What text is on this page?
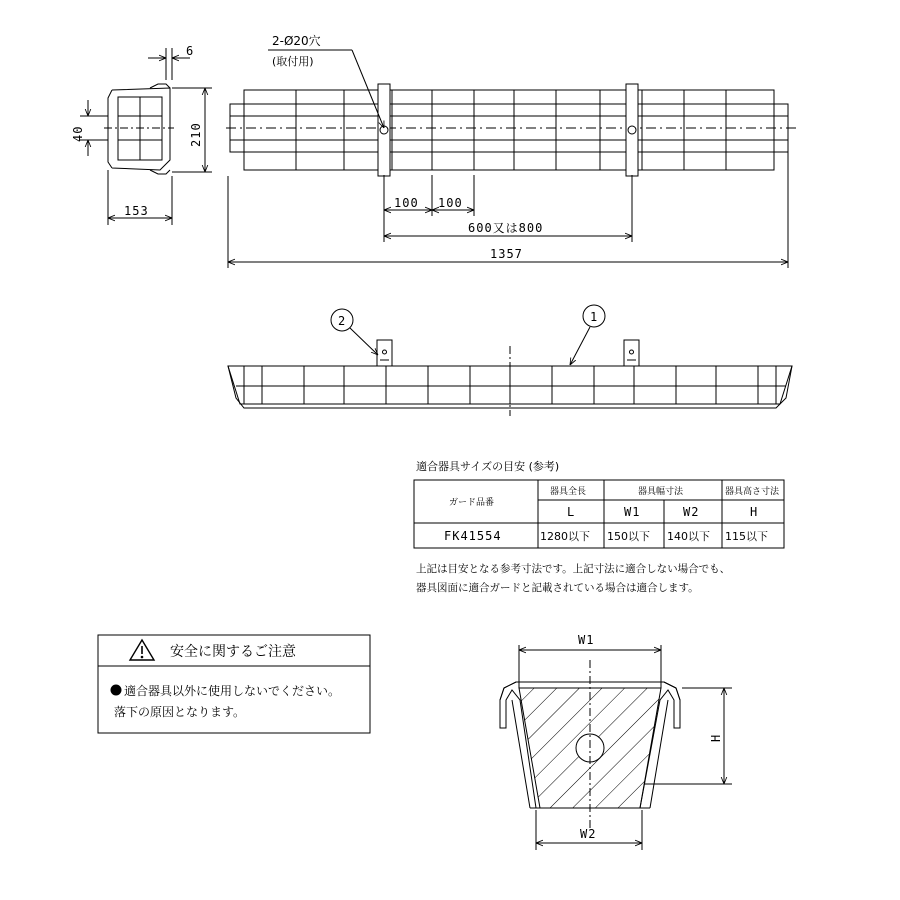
2-Ø20穴
(取付用)
6
40	210
153
100 100
600又は800
1357
2	1
適合器具サイズの目安 (参考)
ガード品番
器具全長	器具幅寸法	器具高さ寸法
L	W1	W2	H
FK41554	1280以下 150以下 140以下 115以下
上記は目安となる参考寸法です。上記寸法に適合しない場合でも、
器具図面に適合ガードと記載されている場合は適合します。
安全に関するご注意
適合器具以外に使用しないでください。
落下の原因となります。
W1
W2
H
